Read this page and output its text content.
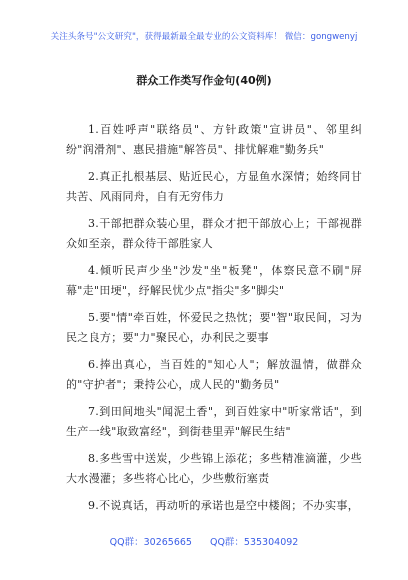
关注头条号"公文研究"，获得最新最全最专业的公文资料库！ 微信：gongwenyj
群众工作类写作金句(40例)

1.百姓呼声"联络员"、方针政策"宣讲员"、邻里纠纷"润滑剂"、惠民措施"解答员"、排忧解难"勤务兵"

2.真正扎根基层、贴近民心，方显鱼水深情；始终同甘共苦、风雨同舟，自有无穷伟力

3.干部把群众装心里，群众才把干部放心上；干部视群众如至亲，群众待干部胜家人

4.倾听民声少坐"沙发"坐"板凳"，体察民意不刷"屏幕"走"田埂"，纾解民忧少点"指尖"多"脚尖"

5.要"情"牵百姓，怀爱民之热忱；要"智"取民间，习为民之良方；要"力"聚民心，办利民之要事

6.捧出真心，当百姓的"知心人"；解放温情，做群众的"守护者"；秉持公心，成人民的"勤务员"

7.到田间地头"闻泥土香"，到百姓家中"听家常话"，到生产一线"取致富经"，到街巷里弄"解民生结"

8.多些雪中送炭，少些锦上添花；多些精准滴灌，少些大水漫灌；多些将心比心，少些敷衍塞责

9.不说真话，再动听的承诺也是空中楼阁；不办实事，

QQ群：30265665 QQ群：535304092
